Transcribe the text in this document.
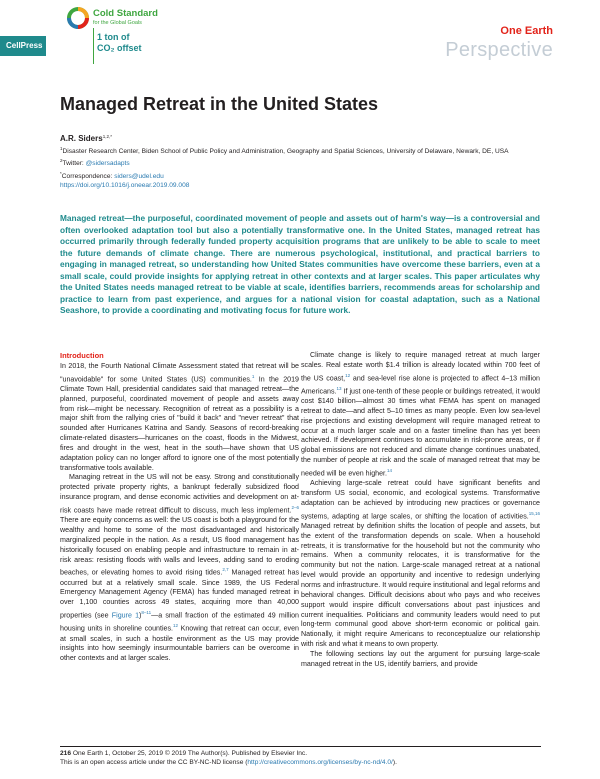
CellPress
Cold Standard
for the Global Goals
1 ton of
CO₂ offset
One Earth
Perspective
Managed Retreat in the United States
A.R. Siders$^{1,2,*}$
$^1$Disaster Research Center, Biden School of Public Policy and Administration, Geography and Spatial Sciences, University of Delaware, Newark, DE, USA
$^2$Twitter: @sidersadapts
*Correspondence: siders@udel.edu
https://doi.org/10.1016/j.oneear.2019.09.008

Managed retreat—the purposeful, coordinated movement of people and assets out of harm's way—is a controversial and often overlooked adaptation tool but also a potentially transformative one. In the United States, managed retreat has occurred primarily through federally funded property acquisition programs that are unlikely to be able to scale to meet the future demands of climate change. There are numerous psychological, institutional, and practical barriers to engaging in managed retreat, so understanding how United States communities have overcome these barriers, even at a small scale, could provide insights for applying retreat in other contexts and at larger scales. This paper articulates why the United States needs managed retreat to be viable at scale, identifies barriers, recommends areas for scholarship and practice to learn from past experience, and argues for a national vision for coastal adaptation, such as a National Seashore, to provide a coordinating and motivating focus for future work.

Introduction

In 2018, the Fourth National Climate Assessment stated that retreat will be "unavoidable" for some United States (US) communities.$^1$ In the 2019 Climate Town Hall, presidential candidates said that managed retreat—the planned, purposeful, coordinated movement of people and assets away from risk—might be necessary. Recognition of retreat as a possibility is a major shift from the rallying cries of "build it back" and "never retreat" that sounded after Hurricanes Katrina and Sandy. Seasons of record-breaking climate-related disasters—hurricanes on the coast, floods in the Midwest, fires and drought in the west, heat in the south—have shown that US adaptation policy can no longer afford to ignore one of the most potentially transformative tools available.

Managing retreat in the US will not be easy. Strong and constitutionally protected private property rights, a bankrupt federally subsidized flood insurance program, and dense economic activities and development on at-risk coasts have made retreat difficult to discuss, much less implement.$^{2-6}$ There are equity concerns as well: the US coast is both a playground for the wealthy and home to some of the most disadvantaged and historically marginalized people in the nation. As a result, US flood management has historically focused on enabling people and infrastructure to remain in at-risk areas: resisting floods with walls and levees, adding sand to eroding beaches, or elevating homes to avoid rising tides.$^{2,7}$ Managed retreat has occurred but at a relatively small scale. Since 1989, the US Federal Emergency Management Agency (FEMA) has funded managed retreat in over 1,100 counties across 49 states, acquiring more than 40,000 properties (see Figure 1)$^{8-11}$—a small fraction of the estimated 49 million housing units in shoreline counties.$^{12}$ Knowing that retreat can occur, even at small scales, in such a hostile environment as the US may provide insights into how seemingly insurmountable barriers can be overcome in other contexts and at larger scales.

Climate change is likely to require managed retreat at much larger scales. Real estate worth $1.4 trillion is already located within 700 feet of the US coast,$^{12}$ and sea-level rise alone is projected to affect 4–13 million Americans.$^{13}$ If just one-tenth of these people or buildings retreated, it would cost $140 billion—almost 30 times what FEMA has spent on managed retreat to date—and affect 5–10 times as many people. Even low sea-level rise projections and existing development will require managed retreat to occur at a much larger scale and on a faster timeline than has yet been achieved. If development continues to accumulate in risk-prone areas, or if global emissions are not reduced and climate change continues unabated, the number of people at risk and the scale of managed retreat that may be needed will be even higher.$^{14}$

Achieving large-scale retreat could have significant benefits and transform US social, economic, and ecological systems. Transformative adaptation can be achieved by introducing new practices or governance systems, adapting at large scales, or shifting the location of activities.$^{15,16}$ Managed retreat by definition shifts the location of people and assets, but the extent of the transformation depends on scale. When a household retreats, it is transformative for the household but not the community who remains. When a community relocates, it is transformative for the community but not the nation. Large-scale managed retreat at a national level would provide an opportunity and incentive to redesign underlying norms and infrastructure. It would require institutional and legal reforms and behavioral changes. Difficult decisions about who pays and who receives support would inspire difficult conversations about past injustices and current inequalities. Politicians and community leaders would need to put long-term communal good above short-term economic or political gain. Nationally, it might require Americans to reconceptualize our relationship with risk and what it means to own property.

The following sections lay out the argument for pursuing large-scale managed retreat in the US, identify barriers, and provide

216 One Earth 1, October 25, 2019 © 2019 The Author(s). Published by Elsevier Inc.
This is an open access article under the CC BY-NC-ND license (http://creativecommons.org/licenses/by-nc-nd/4.0/).
